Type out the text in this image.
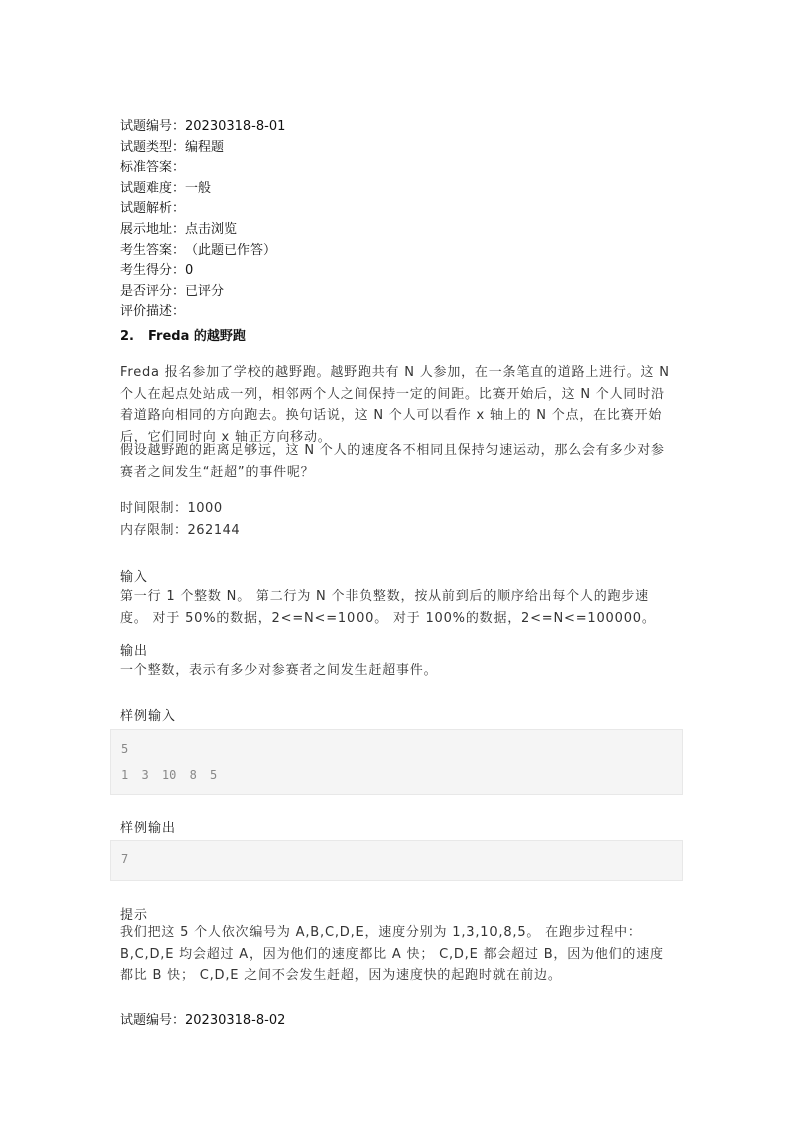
试题编号：20230318-8-01
试题类型：编程题
标准答案：
试题难度：一般
试题解析：
展示地址：点击浏览
考生答案：（此题已作答）
考生得分：0
是否评分：已评分
评价描述：
2. Freda 的越野跑
Freda 报名参加了学校的越野跑。越野跑共有 N 人参加，在一条笔直的道路上进行。这 N 个人在起点处站成一列，相邻两个人之间保持一定的间距。比赛开始后，这 N 个人同时沿着道路向相同的方向跑去。换句话说，这 N 个人可以看作 x 轴上的 N 个点，在比赛开始后，它们同时向 x 轴正方向移动。
假设越野跑的距离足够远，这 N 个人的速度各不相同且保持匀速运动，那么会有多少对参赛者之间发生“赶超”的事件呢？
时间限制：1000
内存限制：262144
输入
第一行 1 个整数 N。 第二行为 N 个非负整数，按从前到后的顺序给出每个人的跑步速度。 对于 50%的数据，2<=N<=1000。 对于 100%的数据，2<=N<=100000。
输出
一个整数，表示有多少对参赛者之间发生赶超事件。
样例输入
5
1 3 10 8 5
样例输出
7
提示
我们把这 5 个人依次编号为 A,B,C,D,E，速度分别为 1,3,10,8,5。 在跑步过程中：B,C,D,E 均会超过 A，因为他们的速度都比 A 快； C,D,E 都会超过 B，因为他们的速度都比 B 快； C,D,E 之间不会发生赶超，因为速度快的起跑时就在前边。
试题编号：20230318-8-02
